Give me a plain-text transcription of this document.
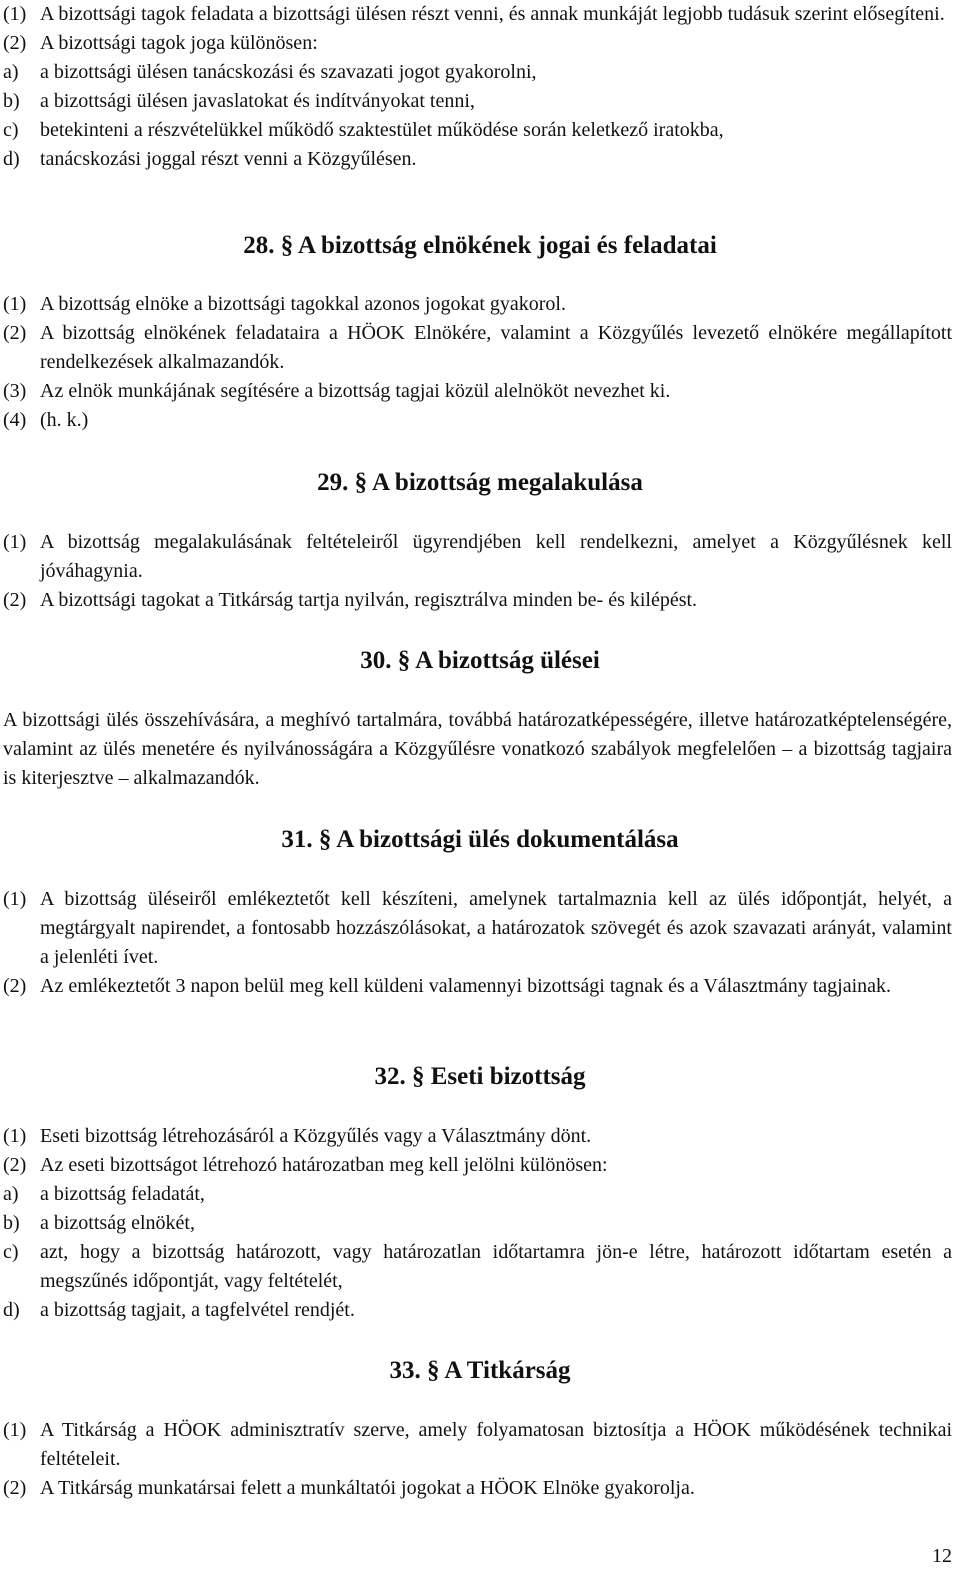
(1) A bizottsági tagok feladata a bizottsági ülésen részt venni, és annak munkáját legjobb tudásuk szerint elősegíteni.
(2) A bizottsági tagok joga különösen:
a)	a bizottsági ülésen tanácskozási és szavazati jogot gyakorolni,
b)	a bizottsági ülésen javaslatokat és indítványokat tenni,
c)	betekinteni a részvételükkel működő szaktestület működése során keletkező iratokba,
d)	tanácskozási joggal részt venni a Közgyűlésen.
28. § A bizottság elnökének jogai és feladatai
(1) A bizottság elnöke a bizottsági tagokkal azonos jogokat gyakorol.
(2) A bizottság elnökének feladataira a HÖOK Elnökére, valamint a Közgyűlés levezető elnökére megállapított rendelkezések alkalmazandók.
(3) Az elnök munkájának segítésére a bizottság tagjai közül alelnököt nevezhet ki.
(4) (h. k.)
29. § A bizottság megalakulása
(1) A bizottság megalakulásának feltételeiről ügyrendjében kell rendelkezni, amelyet a Közgyűlésnek kell jóváhagynia.
(2) A bizottsági tagokat a Titkárság tartja nyilván, regisztrálva minden be- és kilépést.
30. § A bizottság ülései
A bizottsági ülés összehívására, a meghívó tartalmára, továbbá határozatképességére, illetve határozatképtelenségére, valamint az ülés menetére és nyilvánosságára a Közgyűlésre vonatkozó szabályok megfelelően – a bizottság tagjaira is kiterjesztve – alkalmazandók.
31. § A bizottsági ülés dokumentálása
(1) A bizottság üléseiről emlékeztetőt kell készíteni, amelynek tartalmaznia kell az ülés időpontját, helyét, a megtárgyalt napirendet, a fontosabb hozzászólásokat, a határozatok szövegét és azok szavazati arányát, valamint a jelenléti ívet.
(2) Az emlékeztetőt 3 napon belül meg kell küldeni valamennyi bizottsági tagnak és a Választmány tagjainak.
32. § Eseti bizottság
(1) Eseti bizottság létrehozásáról a Közgyűlés vagy a Választmány dönt.
(2) Az eseti bizottságot létrehozó határozatban meg kell jelölni különösen:
a)	a bizottság feladatát,
b)	a bizottság elnökét,
c)	azt, hogy a bizottság határozott, vagy határozatlan időtartamra jön-e létre, határozott időtartam esetén a megszűnés időpontját, vagy feltételét,
d)	a bizottság tagjait, a tagfelvétel rendjét.
33. § A Titkárság
(1) A Titkárság a HÖOK adminisztratív szerve, amely folyamatosan biztosítja a HÖOK működésének technikai feltételeit.
(2) A Titkárság munkatársai felett a munkáltatói jogokat a HÖOK Elnöke gyakorolja.
12
